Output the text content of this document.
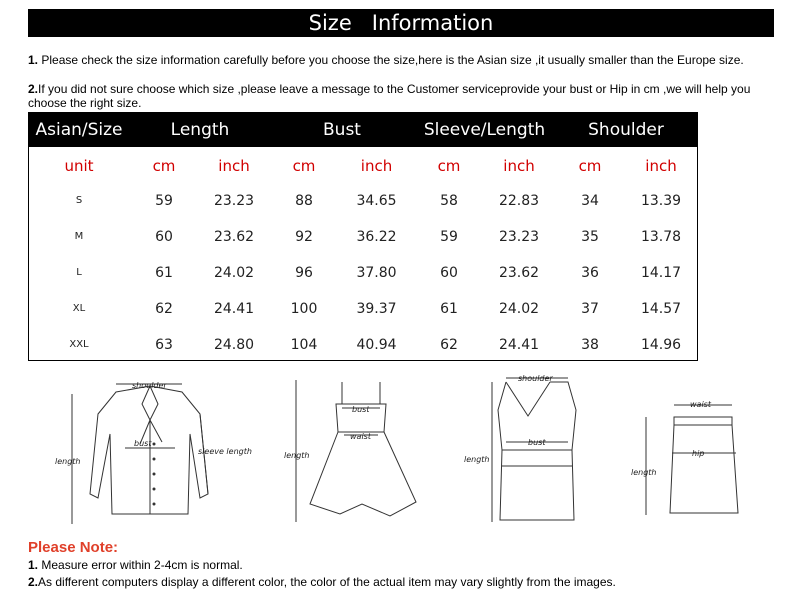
Size   Information
1. Please check the size information carefully before you choose the size,here is the Asian size ,it usually smaller than the Europe size.
2.If you did not sure choose which size ,please leave a message to the Customer serviceprovide your bust or Hip in cm ,we will help you choose the right size.
Asian/Size	Length	Bust	Sleeve/Length	Shoulder
unit	cm	inch	cm	inch	cm	inch	cm	inch
S	59	23.23	88	34.65	58	22.83	34	13.39
M	60	23.62	92	36.22	59	23.23	35	13.78
L	61	24.02	96	37.80	60	23.62	36	14.17
XL	62	24.41	100	39.37	61	24.02	37	14.57
XXL	63	24.80	104	40.94	62	24.41	38	14.96
shoulder
bust
length
sleeve length
bust
waist
length
shoulder
bust
length
waist
hip
length
Please Note:
1. Measure error within 2-4cm is normal.
2.As different computers display a different color, the color of the actual item may vary slightly from the images.
